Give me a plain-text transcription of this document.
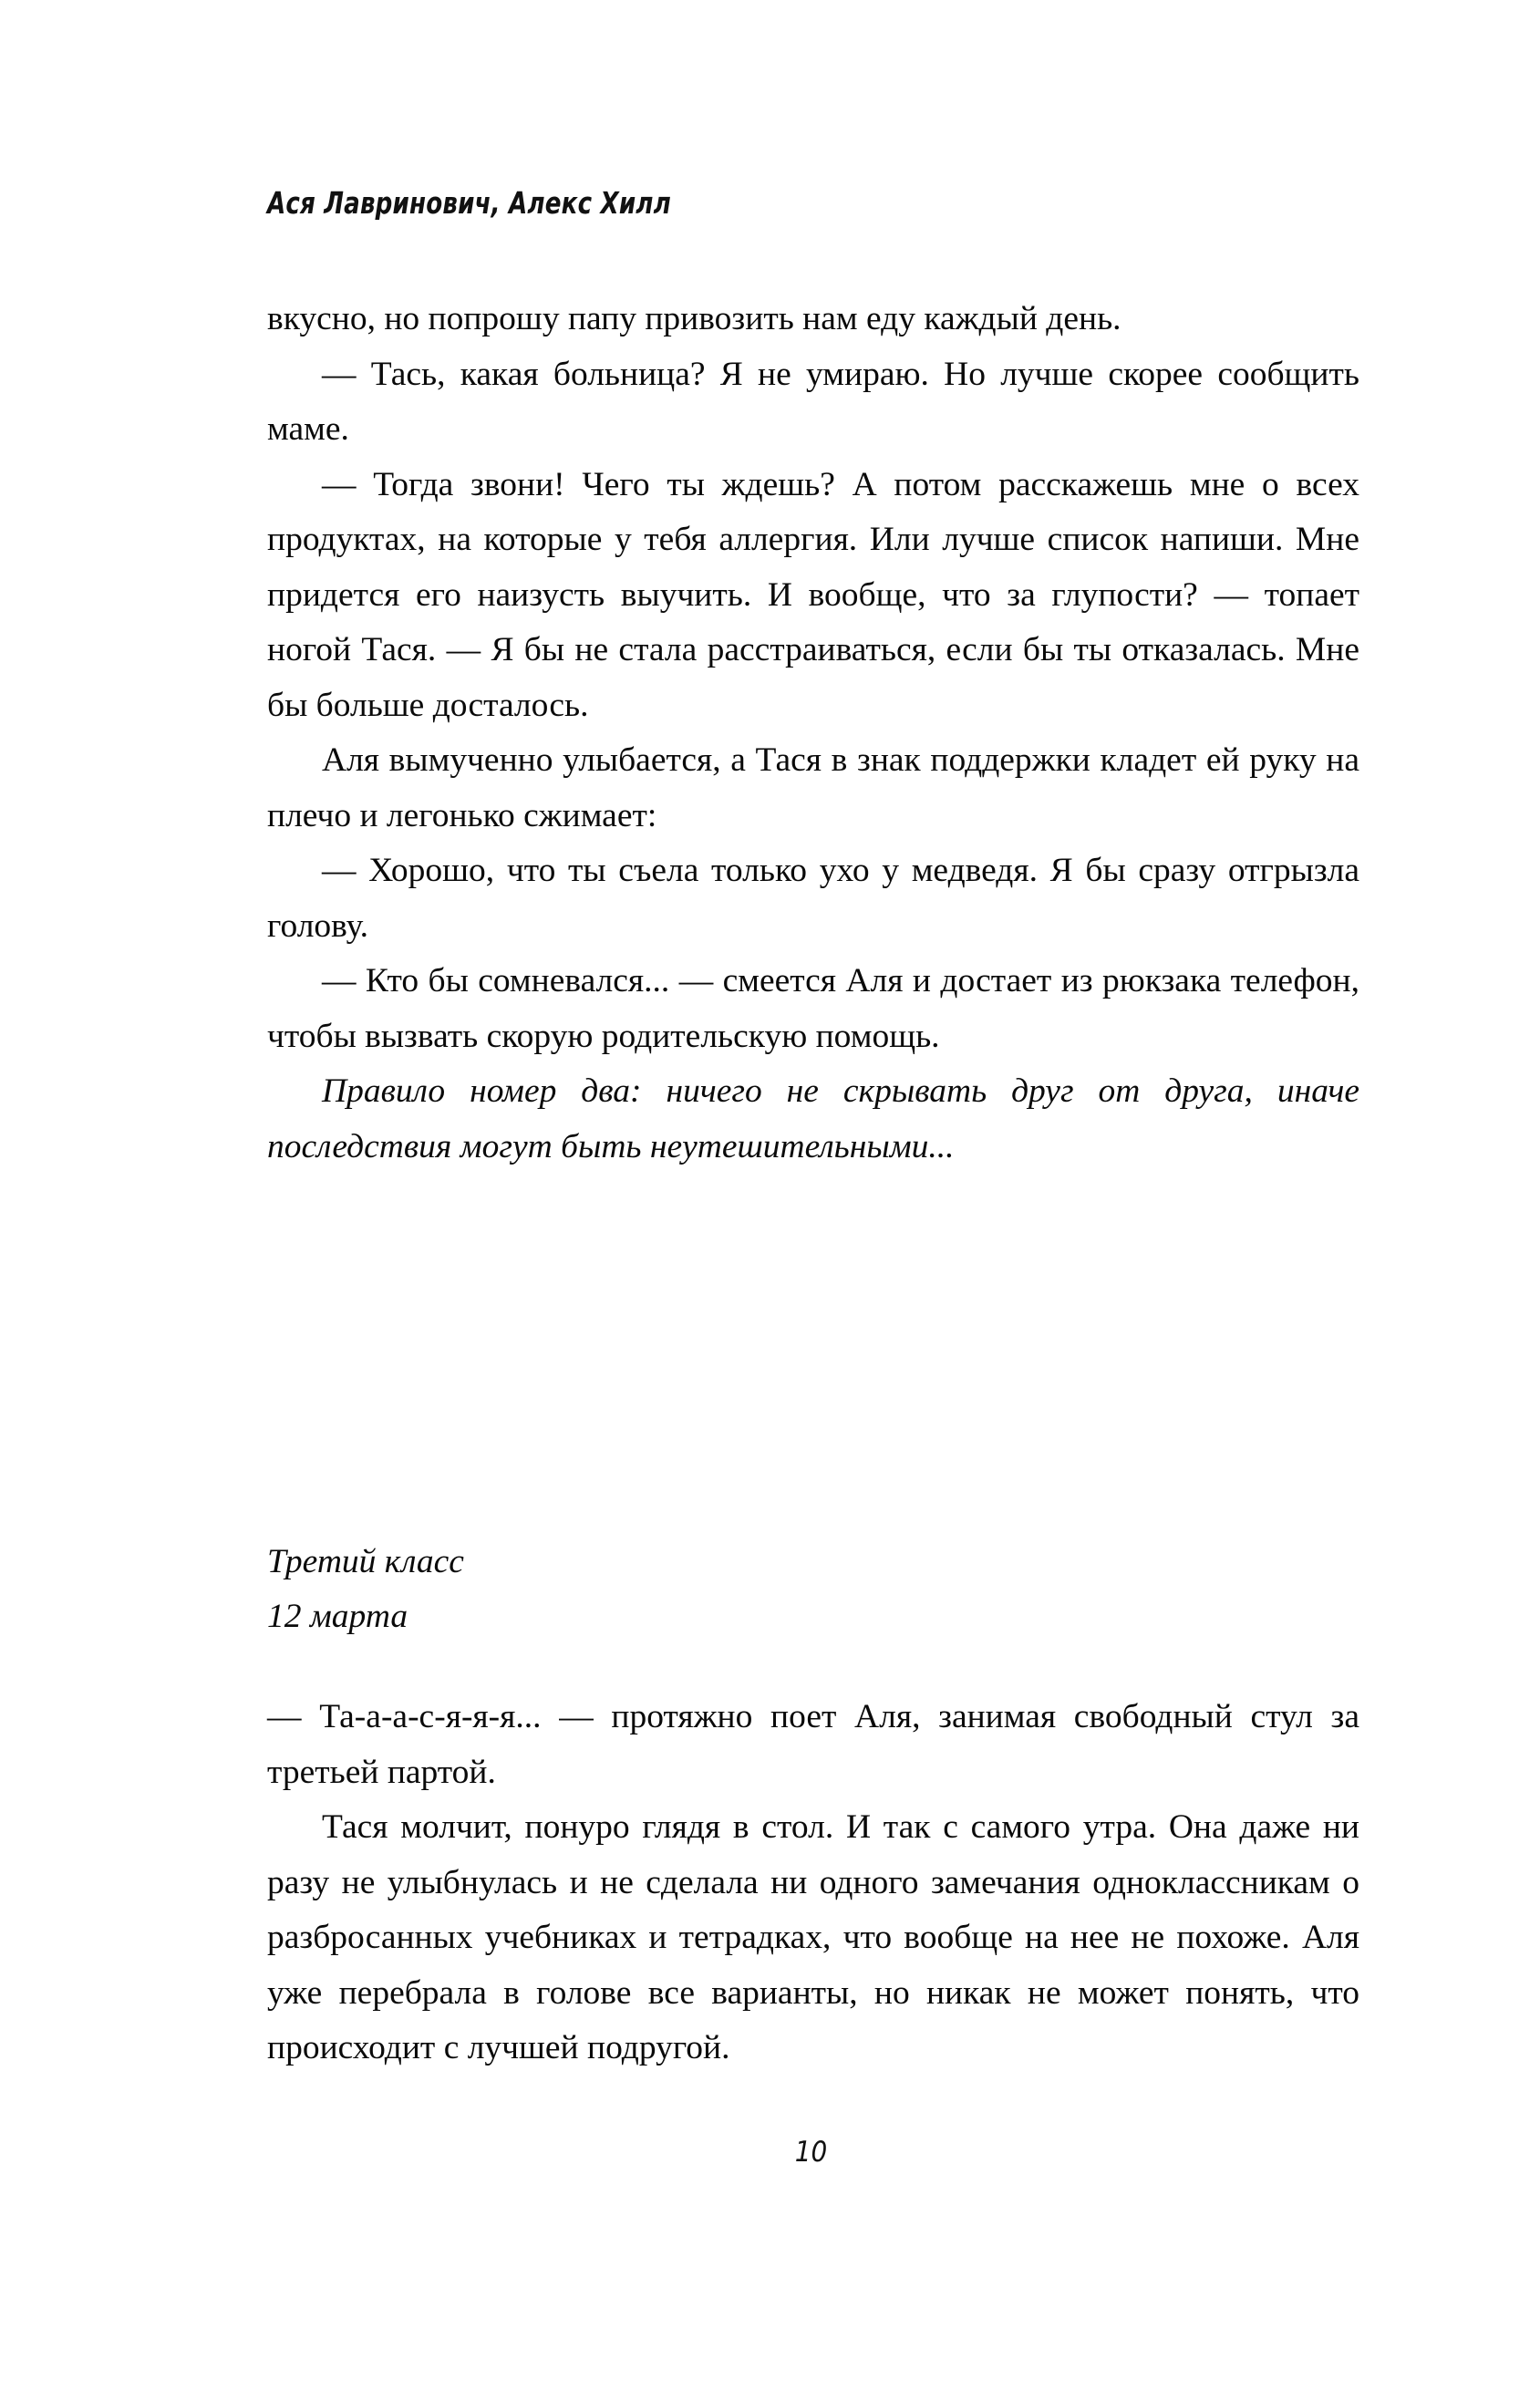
Ася Лавринович, Алекс Хилл

вкусно, но попрошу папу привозить нам еду каждый день.

— Тась, какая больница? Я не умираю. Но лучше скорее сообщить маме.

— Тогда звони! Чего ты ждешь? А потом расскажешь мне о всех продуктах, на которые у тебя аллергия. Или лучше список напиши. Мне придется его наизусть выучить. И вообще, что за глупости? — топает ногой Тася. — Я бы не стала расстраиваться, если бы ты отказалась. Мне бы больше досталось.

Аля вымученно улыбается, а Тася в знак поддержки кладет ей руку на плечо и легонько сжимает:

— Хорошо, что ты съела только ухо у медведя. Я бы сразу отгрызла голову.

— Кто бы сомневался... — смеется Аля и достает из рюкзака телефон, чтобы вызвать скорую родительскую помощь.

Правило номер два: ничего не скрывать друг от друга, иначе последствия могут быть неутешительными...

Третий класс
12 марта

— Та-а-а-с-я-я-я... — протяжно поет Аля, занимая свободный стул за третьей партой.

Тася молчит, понуро глядя в стол. И так с самого утра. Она даже ни разу не улыбнулась и не сделала ни одного замечания одноклассникам о разбросанных учебниках и тетрадках, что вообще на нее не похоже. Аля уже перебрала в голове все варианты, но никак не может понять, что происходит с лучшей подругой.

10
